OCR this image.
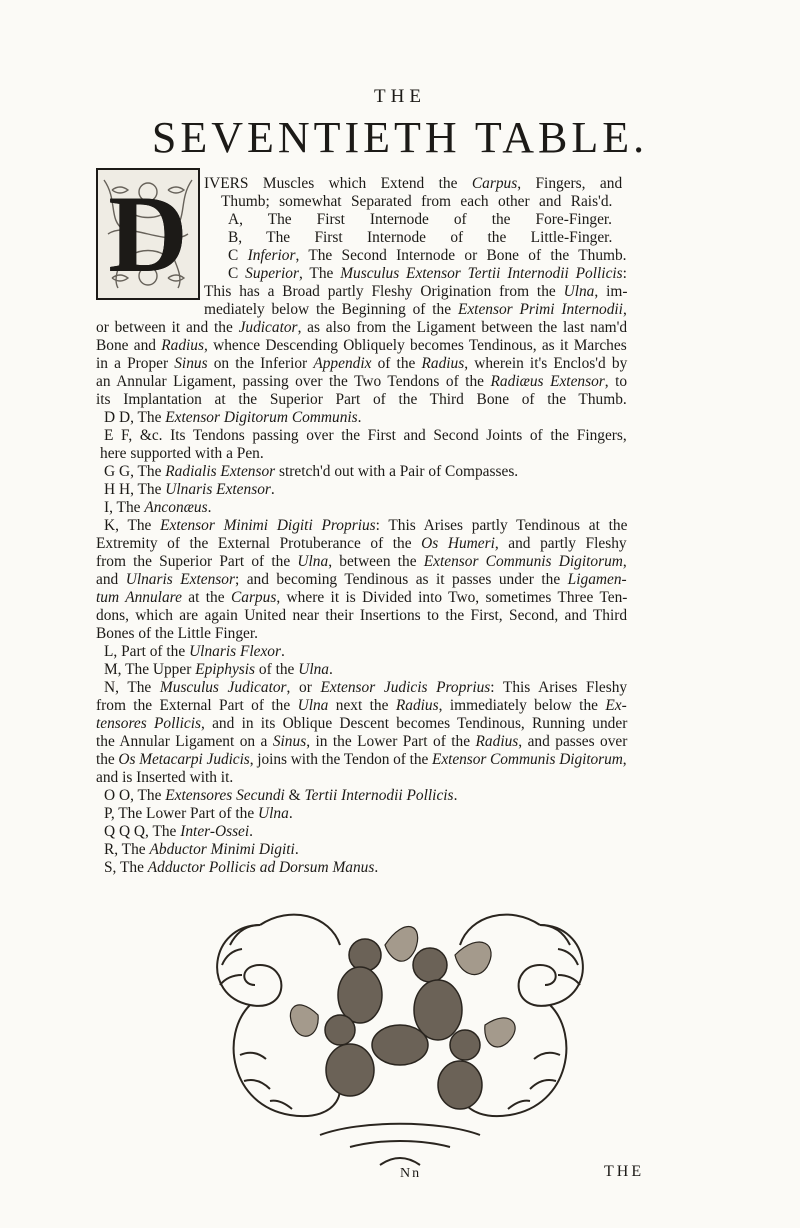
THE
SEVENTIETH TABLE.
D IVERS Muscles which Extend the Carpus, Fingers, and
Thumb; somewhat Separated from each other and Rais'd.
A, The First Internode of the Fore-Finger.
B, The First Internode of the Little-Finger.
C Inferior, The Second Internode or Bone of the Thumb.
C Superior, The Musculus Extensor Tertii Internodii Pollicis:
This has a Broad partly Fleshy Origination from the Ulna, im-
mediately below the Beginning of the Extensor Primi Internodii,
or between it and the Judicator, as also from the Ligament between the last nam'd
Bone and Radius, whence Descending Obliquely becomes Tendinous, as it Marches
in a Proper Sinus on the Inferior Appendix of the Radius, wherein it's Enclos'd by
an Annular Ligament, passing over the Two Tendons of the Radiæus Extensor, to
its Implantation at the Superior Part of the Third Bone of the Thumb.
D D, The Extensor Digitorum Communis.
E F, &c. Its Tendons passing over the First and Second Joints of the Fingers,
here supported with a Pen.
G G, The Radialis Extensor stretch'd out with a Pair of Compasses.
H H, The Ulnaris Extensor.
I, The Anconæus.
K, The Extensor Minimi Digiti Proprius: This Arises partly Tendinous at the
Extremity of the External Protuberance of the Os Humeri, and partly Fleshy
from the Superior Part of the Ulna, between the Extensor Communis Digitorum,
and Ulnaris Extensor; and becoming Tendinous as it passes under the Ligamen-
tum Annulare at the Carpus, where it is Divided into Two, sometimes Three Ten-
dons, which are again United near their Insertions to the First, Second, and Third
Bones of the Little Finger.
L, Part of the Ulnaris Flexor.
M, The Upper Epiphysis of the Ulna.
N, The Musculus Judicator, or Extensor Judicis Proprius: This Arises Fleshy
from the External Part of the Ulna next the Radius, immediately below the Ex-
tensores Pollicis, and in its Oblique Descent becomes Tendinous, Running under
the Annular Ligament on a Sinus, in the Lower Part of the Radius, and passes over
the Os Metacarpi Judicis, joins with the Tendon of the Extensor Communis Digitorum,
and is Inserted with it.
O O, The Extensores Secundi & Tertii Internodii Pollicis.
P, The Lower Part of the Ulna.
Q Q Q, The Inter-Ossei.
R, The Abductor Minimi Digiti.
S, The Adductor Pollicis ad Dorsum Manus.
Nn	THE
